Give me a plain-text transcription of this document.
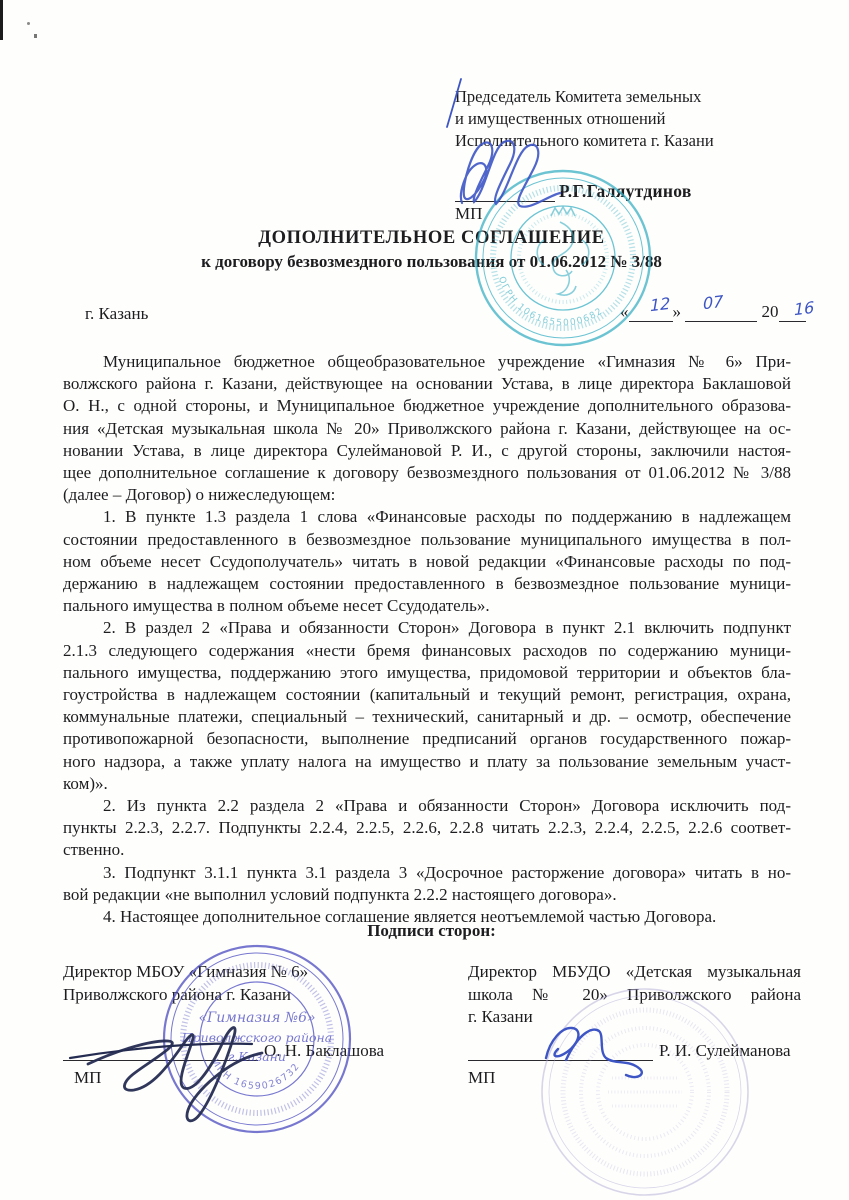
Председатель Комитета земельных
и имущественных отношений
Исполнительного комитета г. Казани
Р.Г.Галяутдинов
МП
ДОПОЛНИТЕЛЬНОЕ СОГЛАШЕНИЕ
к договору безвозмездного пользования от 01.06.2012 № 3/88
г. Казань	«	»	20
12 07	16
Муниципальное бюджетное общеобразовательное учреждение «Гимназия № 6» При-
волжского района г. Казани, действующее на основании Устава, в лице директора Баклашовой
О. Н., с одной стороны, и Муниципальное бюджетное учреждение дополнительного образова-
ния «Детская музыкальная школа № 20» Приволжского района г. Казани, действующее на ос-
новании Устава, в лице директора Сулеймановой Р. И., с другой стороны, заключили настоя-
щее дополнительное соглашение к договору безвозмездного пользования от 01.06.2012 № 3/88
(далее – Договор) о нижеследующем:
1. В пункте 1.3 раздела 1 слова «Финансовые расходы по поддержанию в надлежащем
состоянии предоставленного в безвозмездное пользование муниципального имущества в пол-
ном объеме несет Ссудополучатель» читать в новой редакции «Финансовые расходы по под-
держанию в надлежащем состоянии предоставленного в безвозмездное пользование муници-
пального имущества в полном объеме несет Ссудодатель».
2. В раздел 2 «Права и обязанности Сторон» Договора в пункт 2.1 включить подпункт
2.1.3 следующего содержания «нести бремя финансовых расходов по содержанию муници-
пального имущества, поддержанию этого имущества, придомовой территории и объектов бла-
гоустройства в надлежащем состоянии (капитальный и текущий ремонт, регистрация, охрана,
коммунальные платежи, специальный – технический, санитарный и др. – осмотр, обеспечение
противопожарной безопасности, выполнение предписаний органов государственного пожар-
ного надзора, а также уплату налога на имущество и плату за пользование земельным участ-
ком)».
2. Из пункта 2.2 раздела 2 «Права и обязанности Сторон» Договора исключить под-
пункты 2.2.3, 2.2.7. Подпункты 2.2.4, 2.2.5, 2.2.6, 2.2.8 читать 2.2.3, 2.2.4, 2.2.5, 2.2.6 соответ-
ственно.
3. Подпункт 3.1.1 пункта 3.1 раздела 3 «Досрочное расторжение договора» читать в но-
вой редакции «не выполнил условий подпункта 2.2.2 настоящего договора».
4. Настоящее дополнительное соглашение является неотъемлемой частью Договора.
Подписи сторон:
Директор МБОУ «Гимназия № 6»
Приволжского района г. Казани
Директор МБУДО «Детская музыкальная
школа № 20» Приволжского района
г. Казани
О. Н. Баклашова
МП
Р. И. Сулейманова
МП
ОГРН 1061655000682
«Гимназия №6»
Приволжского района
г.Казани
ИНН 1659026732
